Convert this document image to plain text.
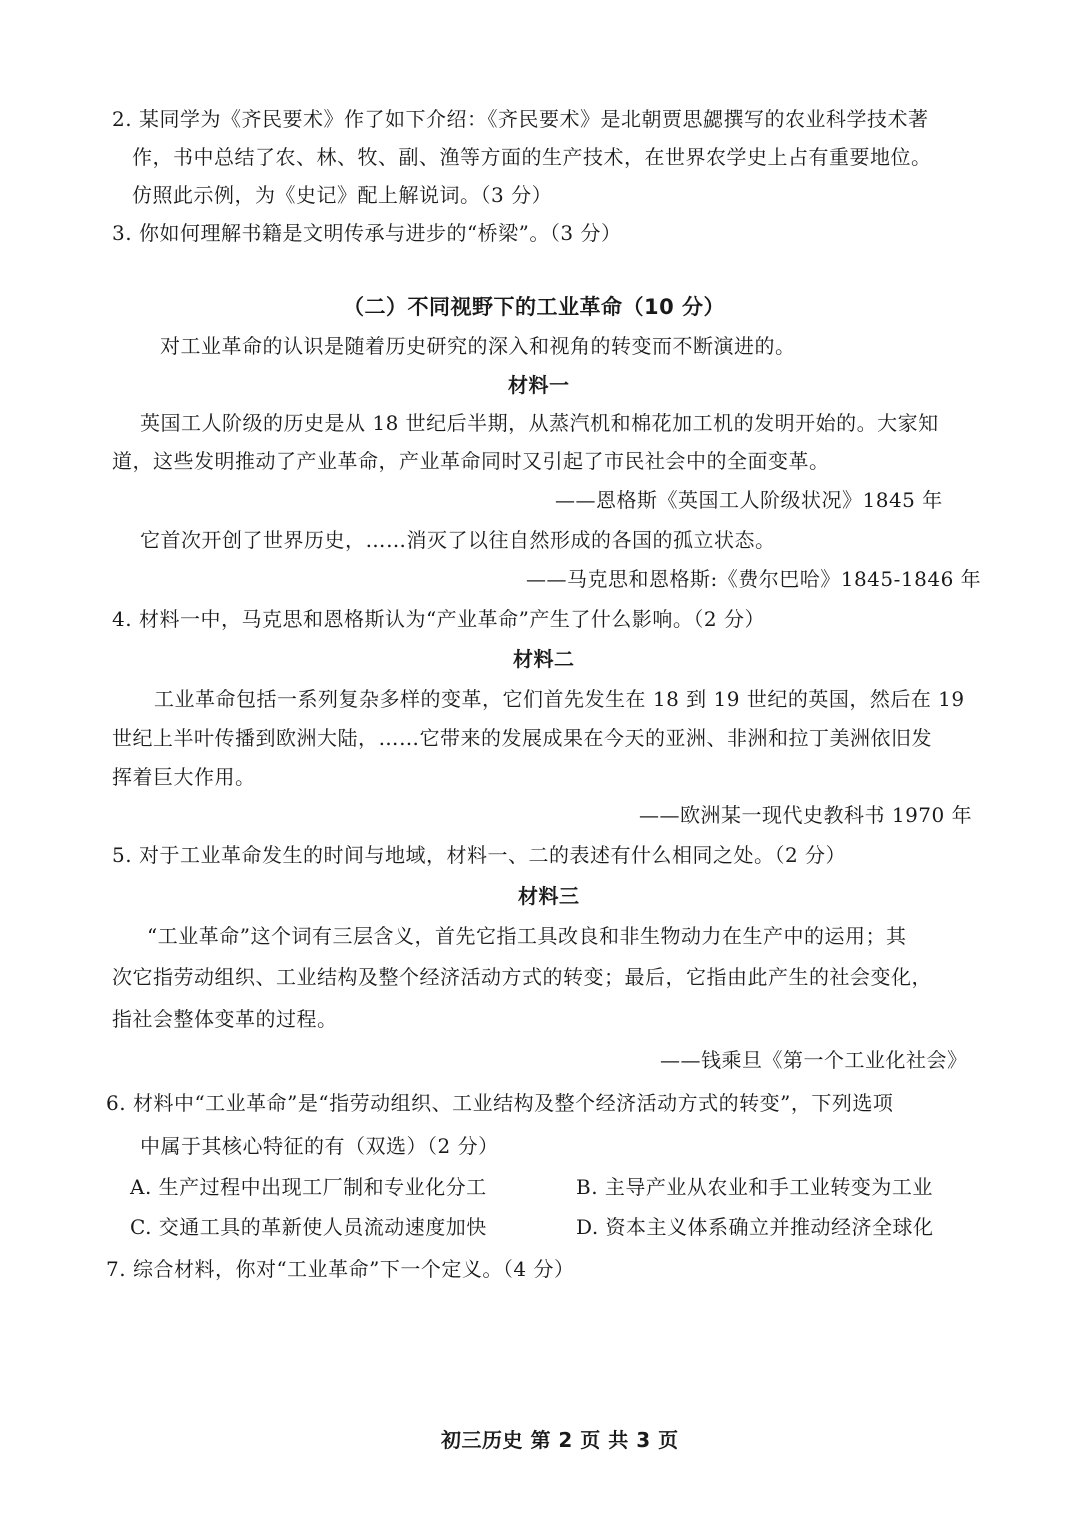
2. 某同学为《齐民要术》作了如下介绍：《齐民要术》是北朝贾思勰撰写的农业科学技术著
作，书中总结了农、林、牧、副、渔等方面的生产技术，在世界农学史上占有重要地位。
仿照此示例，为《史记》配上解说词。（3 分）
3. 你如何理解书籍是文明传承与进步的“桥梁”。（3 分）
（二）不同视野下的工业革命（10 分）
对工业革命的认识是随着历史研究的深入和视角的转变而不断演进的。
材料一
英国工人阶级的历史是从 18 世纪后半期，从蒸汽机和棉花加工机的发明开始的。大家知
道，这些发明推动了产业革命，产业革命同时又引起了市民社会中的全面变革。
——恩格斯《英国工人阶级状况》1845 年
它首次开创了世界历史，……消灭了以往自然形成的各国的孤立状态。
——马克思和恩格斯:《费尔巴哈》1845-1846 年
4. 材料一中，马克思和恩格斯认为“产业革命”产生了什么影响。（2 分）
材料二
工业革命包括一系列复杂多样的变革，它们首先发生在 18 到 19 世纪的英国，然后在 19
世纪上半叶传播到欧洲大陆，……它带来的发展成果在今天的亚洲、非洲和拉丁美洲依旧发
挥着巨大作用。
——欧洲某一现代史教科书 1970 年
5. 对于工业革命发生的时间与地域，材料一、二的表述有什么相同之处。（2 分）
材料三
“工业革命”这个词有三层含义，首先它指工具改良和非生物动力在生产中的运用；其
次它指劳动组织、工业结构及整个经济活动方式的转变；最后，它指由此产生的社会变化，
指社会整体变革的过程。
——钱乘旦《第一个工业化社会》
6. 材料中“工业革命”是“指劳动组织、工业结构及整个经济活动方式的转变”，下列选项
中属于其核心特征的有（双选）（2 分）
A. 生产过程中出现工厂制和专业化分工	B. 主导产业从农业和手工业转变为工业
C. 交通工具的革新使人员流动速度加快	D. 资本主义体系确立并推动经济全球化
7. 综合材料，你对“工业革命”下一个定义。（4 分）
初三历史 第 2 页 共 3 页
